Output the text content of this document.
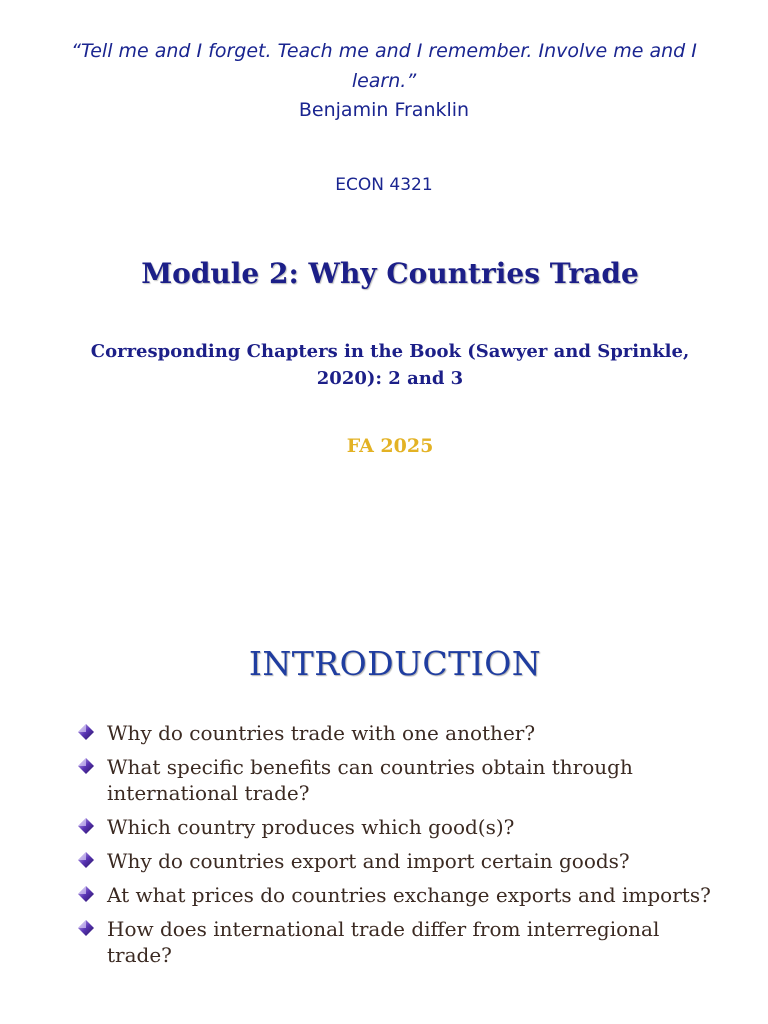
“Tell me and I forget. Teach me and I remember. Involve me and I learn.”
Benjamin Franklin
ECON 4321
Module 2: Why Countries Trade
Corresponding Chapters in the Book (Sawyer and Sprinkle, 2020): 2 and 3
FA 2025
INTRODUCTION
Why do countries trade with one another?
What specific benefits can countries obtain through international trade?
Which country produces which good(s)?
Why do countries export and import certain goods?
At what prices do countries exchange exports and imports?
How does international trade differ from interregional trade?
